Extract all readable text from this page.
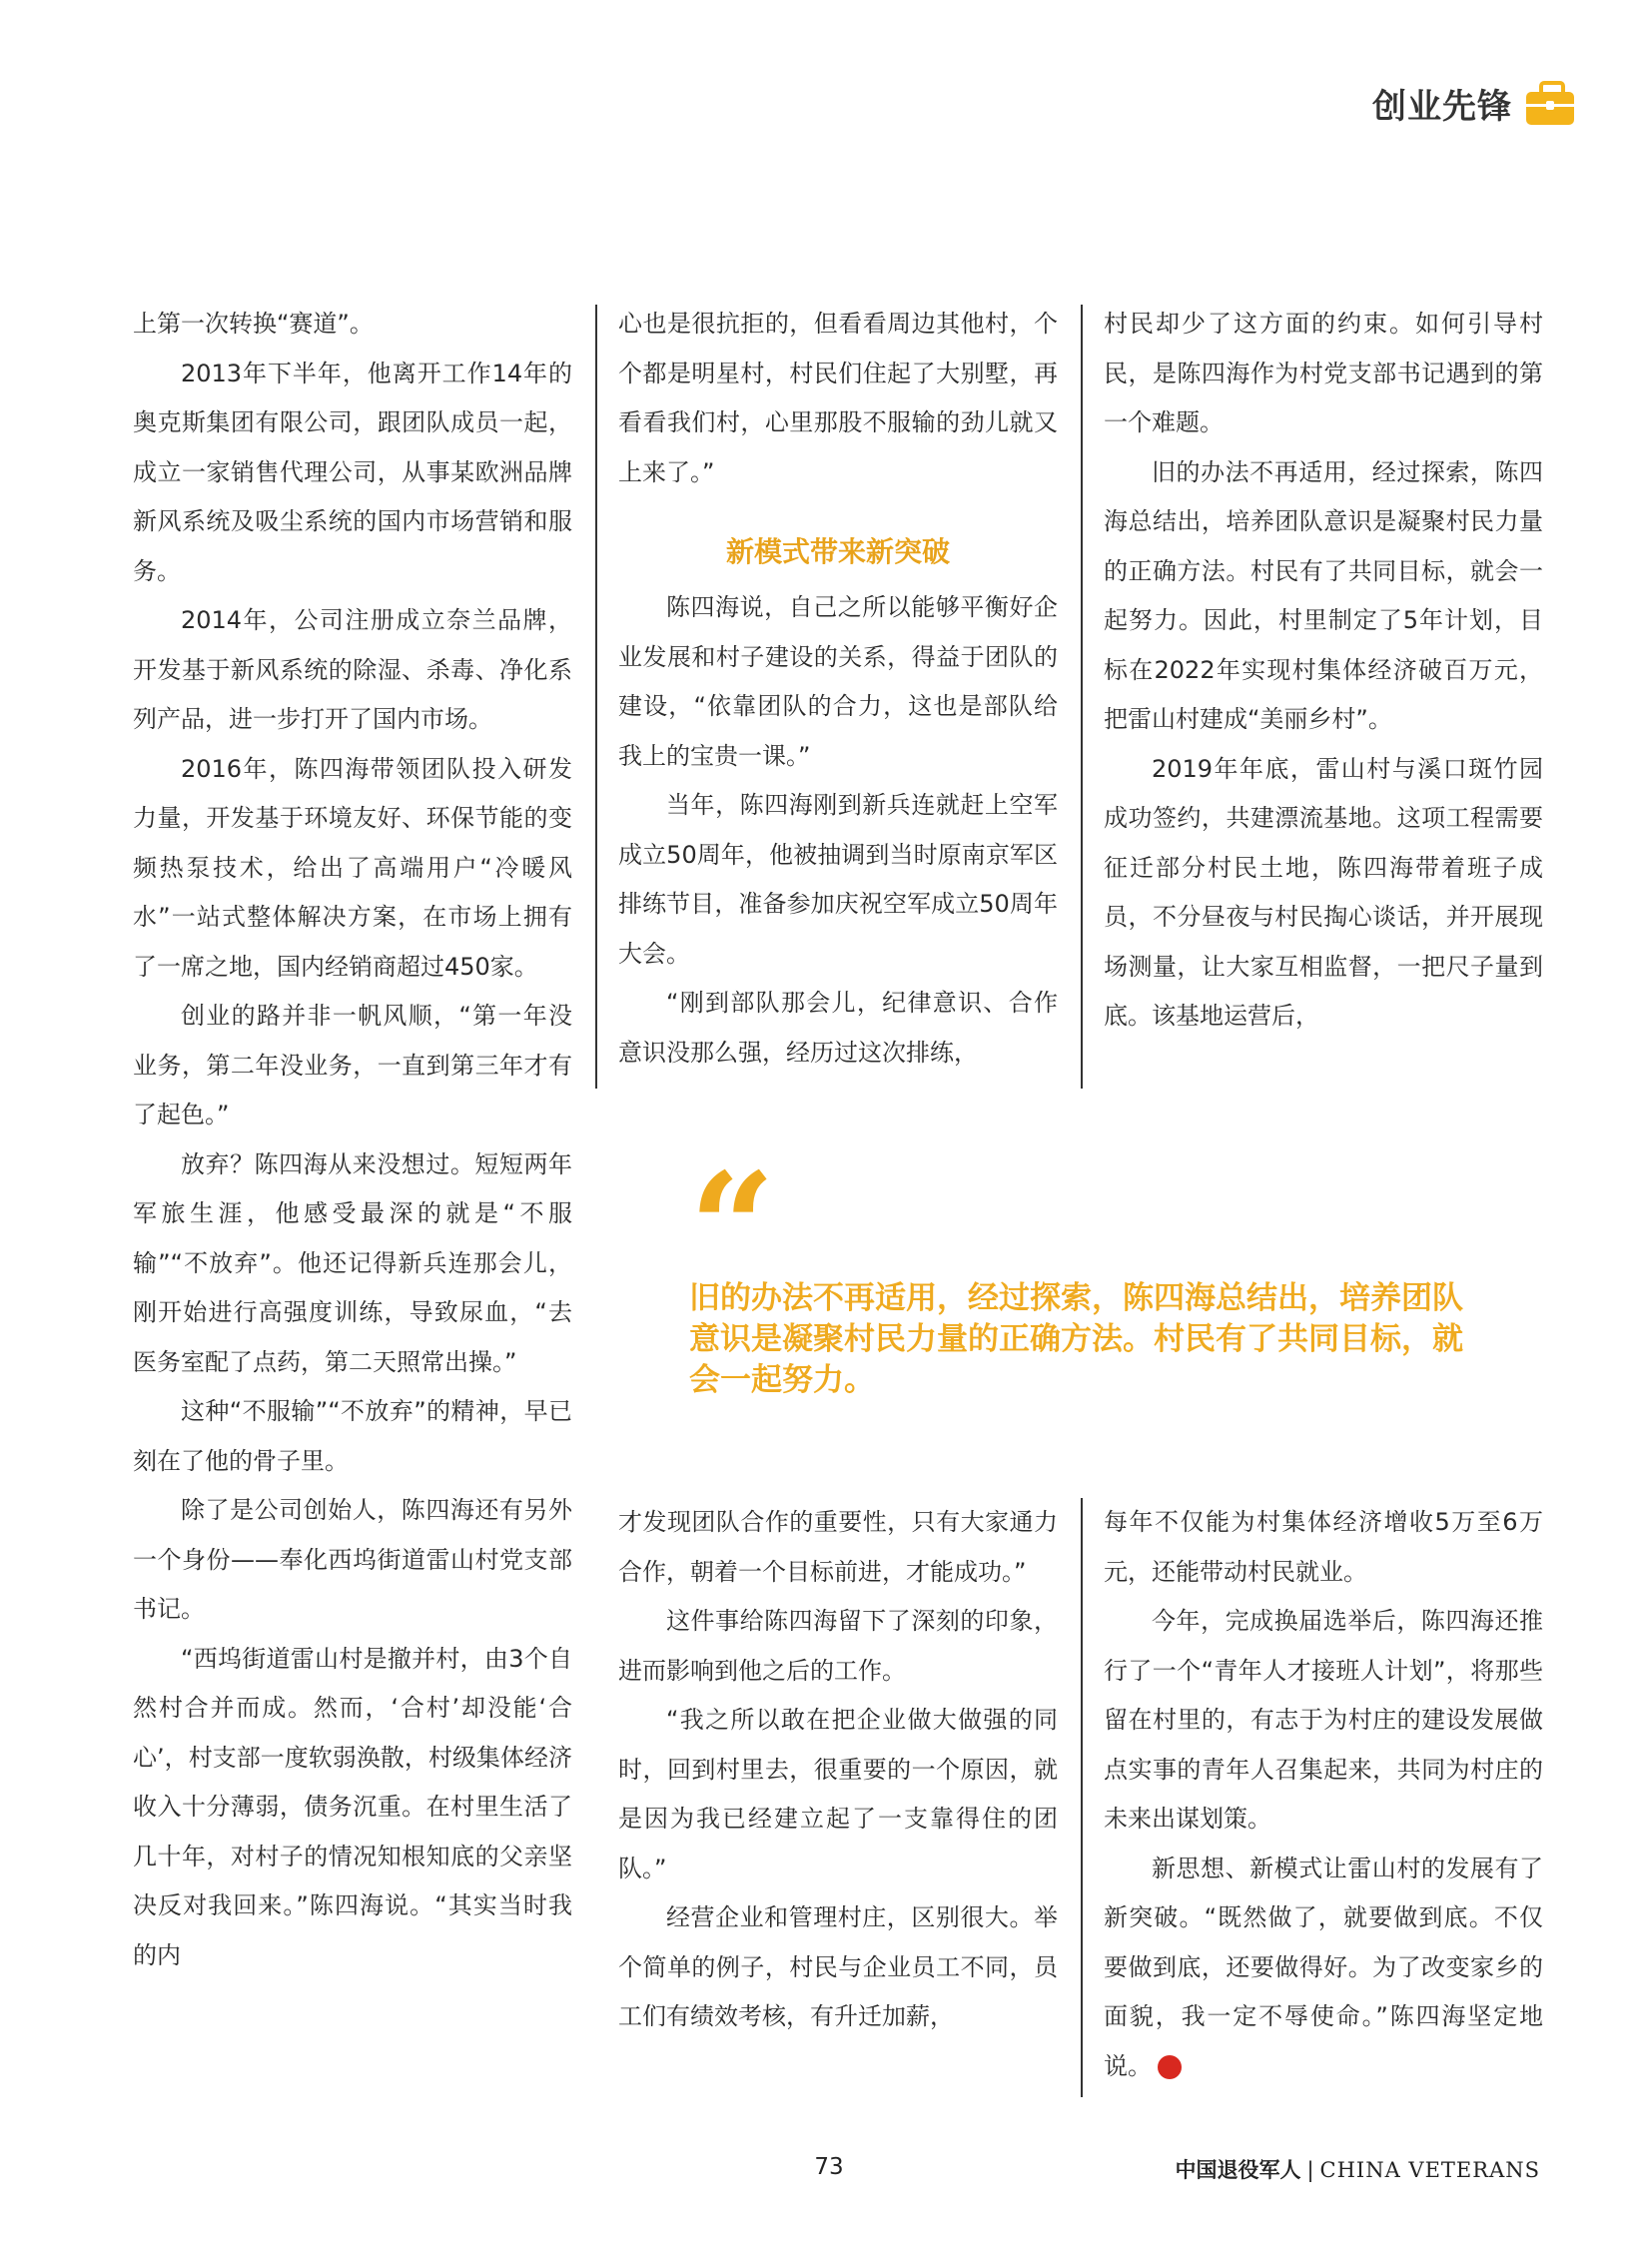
创业先锋

上第一次转换“赛道”。

2013年下半年，他离开工作14年的奥克斯集团有限公司，跟团队成员一起，成立一家销售代理公司，从事某欧洲品牌新风系统及吸尘系统的国内市场营销和服务。

2014年，公司注册成立奈兰品牌，开发基于新风系统的除湿、杀毒、净化系列产品，进一步打开了国内市场。

2016年，陈四海带领团队投入研发力量，开发基于环境友好、环保节能的变频热泵技术，给出了高端用户“冷暖风水”一站式整体解决方案，在市场上拥有了一席之地，国内经销商超过450家。

创业的路并非一帆风顺，“第一年没业务，第二年没业务，一直到第三年才有了起色。”

放弃？陈四海从来没想过。短短两年军旅生涯，他感受最深的就是“不服输”“不放弃”。他还记得新兵连那会儿，刚开始进行高强度训练，导致尿血，“去医务室配了点药，第二天照常出操。”

这种“不服输”“不放弃”的精神，早已刻在了他的骨子里。

除了是公司创始人，陈四海还有另外一个身份——奉化西坞街道雷山村党支部书记。

“西坞街道雷山村是撤并村，由3个自然村合并而成。然而，‘合村’却没能‘合心’，村支部一度软弱涣散，村级集体经济收入十分薄弱，债务沉重。在村里生活了几十年，对村子的情况知根知底的父亲坚决反对我回来。”陈四海说。“其实当时我的内

心也是很抗拒的，但看看周边其他村，个个都是明星村，村民们住起了大别墅，再看看我们村，心里那股不服输的劲儿就又上来了。”

新模式带来新突破

陈四海说，自己之所以能够平衡好企业发展和村子建设的关系，得益于团队的建设，“依靠团队的合力，这也是部队给我上的宝贵一课。”

当年，陈四海刚到新兵连就赶上空军成立50周年，他被抽调到当时原南京军区排练节目，准备参加庆祝空军成立50周年大会。

“刚到部队那会儿，纪律意识、合作意识没那么强，经历过这次排练，

村民却少了这方面的约束。如何引导村民，是陈四海作为村党支部书记遇到的第一个难题。

旧的办法不再适用，经过探索，陈四海总结出，培养团队意识是凝聚村民力量的正确方法。村民有了共同目标，就会一起努力。因此，村里制定了5年计划，目标在2022年实现村集体经济破百万元，把雷山村建成“美丽乡村”。

2019年年底，雷山村与溪口斑竹园成功签约，共建漂流基地。这项工程需要征迁部分村民土地，陈四海带着班子成员，不分昼夜与村民掏心谈话，并开展现场测量，让大家互相监督，一把尺子量到底。该基地运营后，

“
旧的办法不再适用，经过探索，陈四海总结出，培养团队意识是凝聚村民力量的正确方法。村民有了共同目标，就会一起努力。

才发现团队合作的重要性，只有大家通力合作，朝着一个目标前进，才能成功。”

这件事给陈四海留下了深刻的印象，进而影响到他之后的工作。

“我之所以敢在把企业做大做强的同时，回到村里去，很重要的一个原因，就是因为我已经建立起了一支靠得住的团队。”

经营企业和管理村庄，区别很大。举个简单的例子，村民与企业员工不同，员工们有绩效考核，有升迁加薪，

每年不仅能为村集体经济增收5万至6万元，还能带动村民就业。

今年，完成换届选举后，陈四海还推行了一个“青年人才接班人计划”，将那些留在村里的，有志于为村庄的建设发展做点实事的青年人召集起来，共同为村庄的未来出谋划策。

新思想、新模式让雷山村的发展有了新突破。“既然做了，就要做到底。不仅要做到底，还要做得好。为了改变家乡的面貌，我一定不辱使命。”陈四海坚定地说。	V

73	中国退役军人 | CHINA VETERANS
